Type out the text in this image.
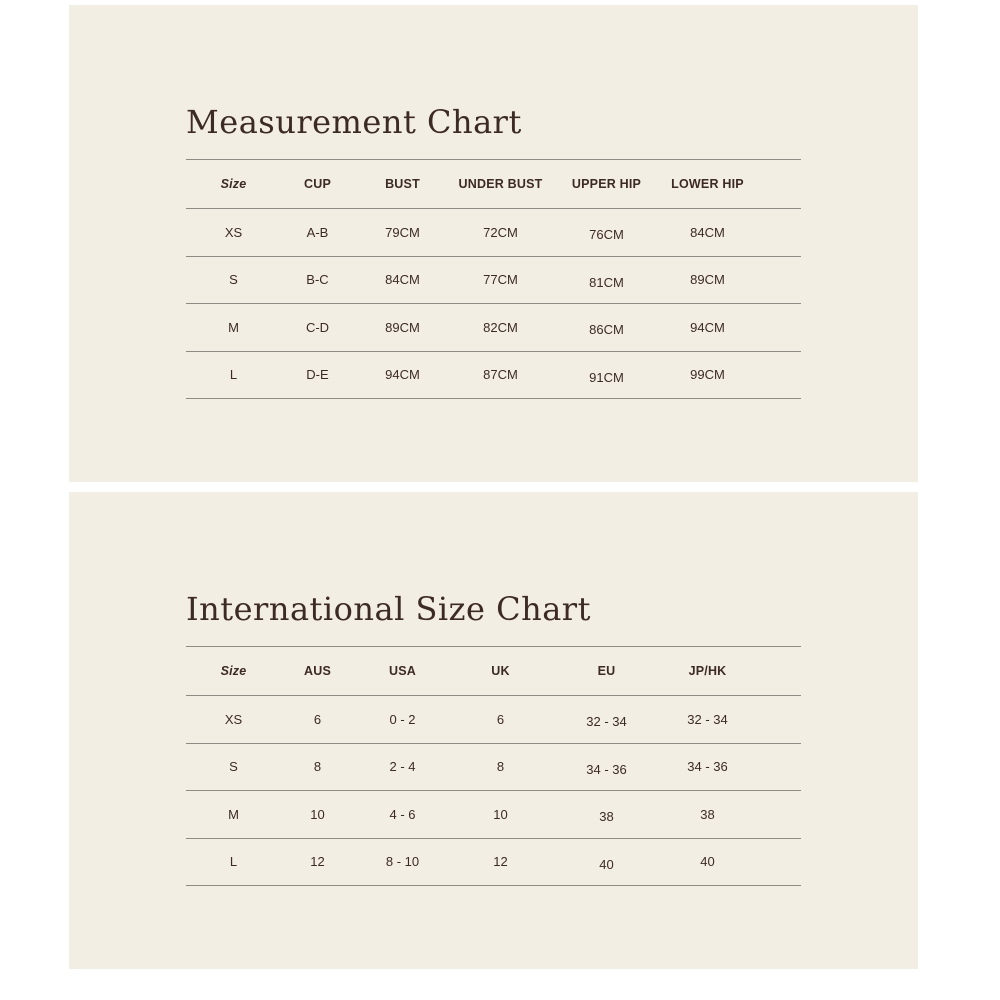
Measurement Chart
Size	CUP	BUST	UNDER BUST	UPPER HIP	LOWER HIP	
XS	A-B	79CM	72CM	76CM	84CM	
S	B-C	84CM	77CM	81CM	89CM	
M	C-D	89CM	82CM	86CM	94CM	
L	D-E	94CM	87CM	91CM	99CM	
International Size Chart
Size	AUS	USA	UK	EU	JP/HK	
XS	6	0 - 2	6	32 - 34	32 - 34	
S	8	2 - 4	8	34 - 36	34 - 36	
M	10	4 - 6	10	38	38	
L	12	8 - 10	12	40	40	
